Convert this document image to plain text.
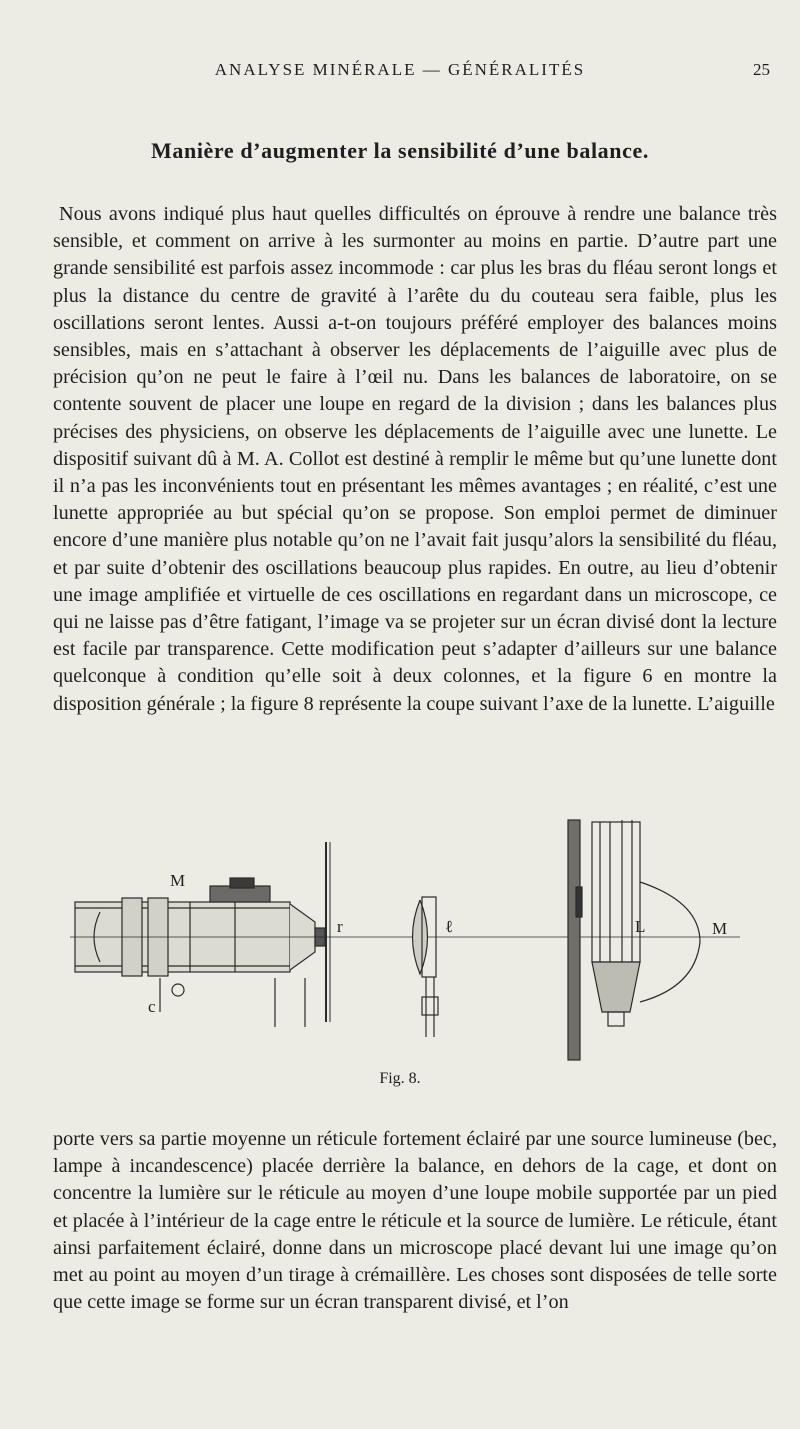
ANALYSE MINÉRALE — GÉNÉRALITÉS	25
Manière d’augmenter la sensibilité d’une balance.

Nous avons indiqué plus haut quelles difficultés on éprouve à rendre une balance très sensible, et comment on arrive à les surmonter au moins en partie. D’autre part une grande sensibilité est parfois assez incommode : car plus les bras du fléau seront longs et plus la distance du centre de gravité à l’arête du du couteau sera faible, plus les oscillations seront lentes. Aussi a-t-on toujours préféré employer des balances moins sensibles, mais en s’attachant à observer les déplacements de l’aiguille avec plus de précision qu’on ne peut le faire à l’œil nu. Dans les balances de laboratoire, on se contente souvent de placer une loupe en regard de la division ; dans les balances plus précises des physiciens, on observe les déplacements de l’aiguille avec une lunette. Le dispositif suivant dû à M. A. Collot est destiné à remplir le même but qu’une lunette dont il n’a pas les inconvénients tout en présentant les mêmes avantages ; en réalité, c’est une lunette appropriée au but spécial qu’on se propose. Son emploi permet de diminuer encore d’une manière plus notable qu’on ne l’avait fait jusqu’alors la sensibilité du fléau, et par suite d’obtenir des oscillations beaucoup plus rapides. En outre, au lieu d’obtenir une image amplifiée et virtuelle de ces oscillations en regardant dans un microscope, ce qui ne laisse pas d’être fatigant, l’image va se projeter sur un écran divisé dont la lecture est facile par transparence. Cette modification peut s’adapter d’ailleurs sur une balance quelconque à condition qu’elle soit à deux colonnes, et la figure 6 en montre la disposition générale ; la figure 8 représente la coupe suivant l’axe de la lunette. L’aiguille

M
c
r	ℓ	L	M
Fig. 8.

porte vers sa partie moyenne un réticule fortement éclairé par une source lumineuse (bec, lampe à incandescence) placée derrière la balance, en dehors de la cage, et dont on concentre la lumière sur le réticule au moyen d’une loupe mobile supportée par un pied et placée à l’intérieur de la cage entre le réticule et la source de lumière. Le réticule, étant ainsi parfaitement éclairé, donne dans un microscope placé devant lui une image qu’on met au point au moyen d’un tirage à crémaillère. Les choses sont disposées de telle sorte que cette image se forme sur un écran transparent divisé, et l’on
